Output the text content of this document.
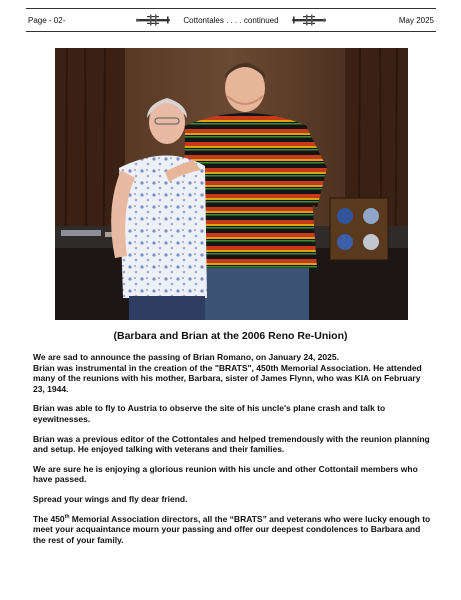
Page - 02-	Cottontales . . . . continued	May 2025
(Barbara and Brian at the 2006 Reno Re-Union)

We are sad to announce the passing of Brian Romano, on January 24, 2025.
Brian was instrumental in the creation of the "BRATS", 450th Memorial Association. He attended many of the reunions with his mother, Barbara, sister of James Flynn, who was KIA on February 23, 1944.

Brian was able to fly to Austria to observe the site of his uncle's plane crash and talk to eyewitnesses.

Brian was a previous editor of the Cottontales and helped tremendously with the reunion planning and setup. He enjoyed talking with veterans and their families.

We are sure he is enjoying a glorious reunion with his uncle and other Cottontail members who have passed.

Spread your wings and fly dear friend.

The 450th Memorial Association directors, all the “BRATS” and veterans who were lucky enough to meet your acquaintance mourn your passing and offer our deepest condolences to Barbara and the rest of your family.
